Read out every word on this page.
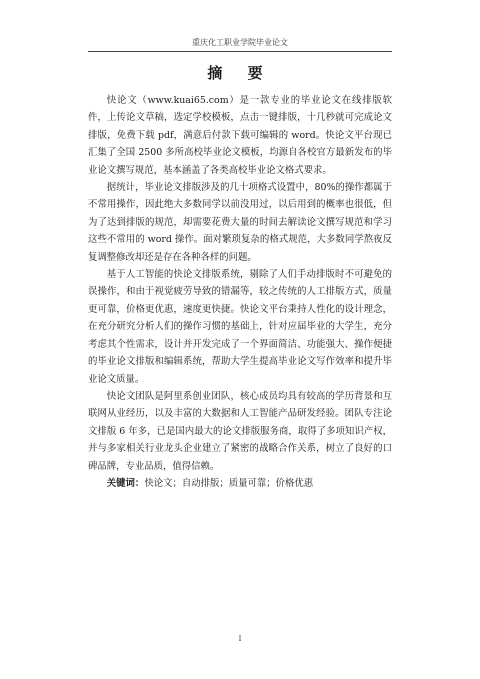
重庆化工职业学院毕业论文
摘 要

快论文（www.kuai65.com）是一款专业的毕业论文在线排版软件，上传论文草稿，选定学校模板，点击一键排版，十几秒就可完成论文排版，免费下载 pdf，满意后付款下载可编辑的 word。快论文平台现已汇集了全国 2500 多所高校毕业论文模板，均源自各校官方最新发布的毕业论文撰写规范，基本涵盖了各类高校毕业论文格式要求。

据统计，毕业论文排版涉及的几十项格式设置中，80%的操作都属于不常用操作，因此绝大多数同学以前没用过，以后用到的概率也很低，但为了达到排版的规范，却需要花费大量的时间去解读论文撰写规范和学习这些不常用的 word 操作。面对繁琐复杂的格式规范，大多数同学熬夜反复调整修改却还是存在各种各样的问题。

基于人工智能的快论文排版系统，剔除了人们手动排版时不可避免的误操作，和由于视觉疲劳导致的错漏等，较之传统的人工排版方式，质量更可靠，价格更优惠，速度更快捷。快论文平台秉持人性化的设计理念，在充分研究分析人们的操作习惯的基础上，针对应届毕业的大学生，充分考虑其个性需求，设计并开发完成了一个界面简洁、功能强大、操作便捷的毕业论文排版和编辑系统，帮助大学生提高毕业论文写作效率和提升毕业论文质量。

快论文团队是阿里系创业团队，核心成员均具有较高的学历背景和互联网从业经历，以及丰富的大数据和人工智能产品研发经验。团队专注论文排版 6 年多，已是国内最大的论文排版服务商，取得了多项知识产权，并与多家相关行业龙头企业建立了紧密的战略合作关系，树立了良好的口碑品牌，专业品质，值得信赖。

关键词：快论文；自动排版；质量可靠；价格优惠

I
